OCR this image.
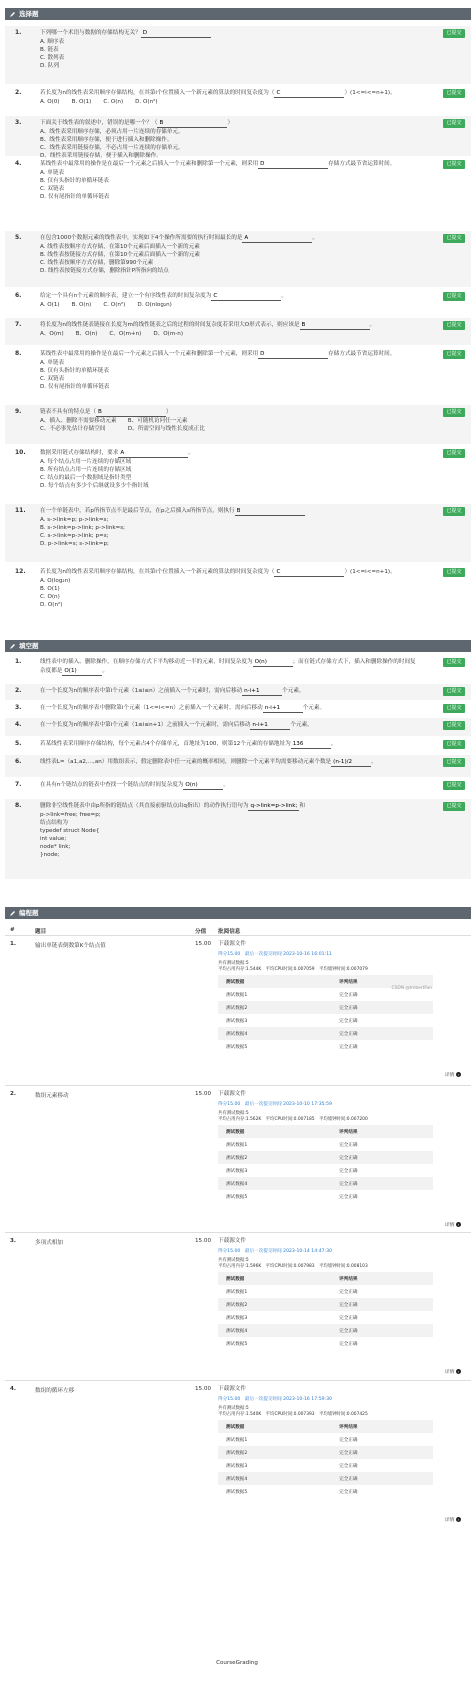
选择题
1.	下列哪一个术语与数据的存储结构无关？ D
A. 顺序表
B. 链表
C. 散列表
D. 队列
已提交
2.	若长度为n的线性表采用顺序存储结构，在其第i个位置插入一个新元素的算法的时间复杂度为（ C	）(1<=i<=n+1)。
A. O(0) B. O(1) C. O(n) D. O(n²)
已提交
3.	下面关于线性表的叙述中，错误的是哪一个？（ B	）
A、线性表采用顺序存储，必须占用一片连续的存储单元。
B、线性表采用顺序存储，便于进行插入和删除操作。
C、线性表采用链接存储，不必占用一片连续的存储单元。
D、线性表采用链接存储，便于插入和删除操作。
已提交
4.	某线性表中最常用的操作是在最后一个元素之后插入一个元素和删除第一个元素，则采用 D	存储方式最节省运算时间。
A. 单链表
B. 仅有头指针的单循环链表
C. 双链表
D. 仅有尾指针的单循环链表
已提交
5.	在包含1000个数据元素的线性表中，实现如下4个操作所需要的执行时间最长的是 A	。
A. 线性表按顺序方式存储，在第10个元素后面插入一个新的元素
B. 线性表按链接方式存储，在第10个元素后面插入一个新的元素
C. 线性表按顺序方式存储，删除第990个元素
D. 线性表按链接方式存储，删除指针P所指向的结点
已提交
6.	给定一个具有n个元素的顺序表，建立一个有序线性表的时间复杂度为 C	。
A. O(1) B. O(n) C. O(n²) D. O(nlog₂n)
已提交
7.	将长度为n的线性链表链接在长度为m的线性链表之后的过程的时间复杂度若采用大O形式表示，则应该是 B	。
A、O(m) B、O(n) C、O(m+n) D、O(m-n)
已提交
8.	某线性表中最常用的操作是在最后一个元素之后插入一个元素和删除第一个元素，则采用 D	存储方式最节省运算时间。
A. 单链表
B. 仅有头指针的单循环链表
C. 双链表
D. 仅有尾指针的单循环链表
已提交
9.	链表不具有的特点是（ B	）
A、插入、删除不需要移动元素　　B、可随机访问任一元素
C、不必事先估计存储空间　　　　D、所需空间与线性长度成正比
已提交
10.	数据采用链式存储结构时，要求 A	。
A. 每个结点占用一片连续的存储区域
B. 所有结点占用一片连续的存储区域
C. 结点的最后一个数据域是指针类型
D. 每个结点有多少个后继就设多少个指针域
已提交
11.	在一个单链表中，若p所指节点不是最后节点，在p之后插入s所指节点，则执行 B
A. s->link=p; p->link=s;
B. s->link=p->link; p->link=s;
C. s->link=p->link; p=s;
D. p->link=s; s->link=p;
已提交
12.	若长度为n的线性表采用顺序存储结构，在其第i个位置插入一个新元素的算法的时间复杂度为（ C	）(1<=i<=n+1)。
A. O(log₂n)
B. O(1)
C. O(n)
D. O(n²)
已提交
填空题
1.	线性表中的插入、删除操作，在顺序存储方式下平均移动近一半的元素，时间复杂度为 O(n)	；而在链式存储方式下，插入和删除操作的时间复杂度都是 O(1)	。
已提交
2.	在一个长度为n的顺序表中第i个元素（1≤i≤n）之前插入一个元素时，需向后移动 n-i+1	个元素。	已提交
3.	在一个长度为n的顺序表中删除第i个元素（1<=i<=n）之前插入一个元素时，需向后移动 n-i+1	个元素。	已提交
4.	在一个长度为n的顺序表中第i个元素（1≤i≤n+1）之前插入一个元素时，需向后移动 n-i+1	个元素。	已提交
5.	若某线性表采用顺序存储结构，每个元素占4个存储单元，首地址为100，则第12个元素的存储地址为 136	。	已提交
6.	线性表L=（a1,a2,...,an）用数组表示，假定删除表中任一元素的概率相同，则删除一个元素平均需要移动元素个数是 (n-1)/2	。	已提交
7.	在具有n个链结点的链表中查找一个链结点的时间复杂度为 O(n)	。	已提交
8.	删除非空线性链表中由p所指的链结点（其直接前驱结点由q指出）的动作执行语句为 q->link=p->link; 和
p->link=free; free=p;
结点结构为
typedef struct Node{
int value;
node* link;
}node;
已提交
编程题
#	题目	分值 批阅信息
1.	输出单链表倒数第K个结点值	15.00 下载源文件
得分15.00　最后一次提交时间 2023-10-16 16:01:11
共有测试数据:5
平均占用内存:1.544K　平均CPU时间:0.007059　平均墙钟时间:0.007079
测试数据	评判结果
测试数据1	完全正确
测试数据2	完全正确
测试数据3	完全正确
测试数据4	完全正确
测试数据5	完全正确
详情 ›
2.	数组元素移动	15.00 下载源文件
得分15.00　最后一次提交时间 2023-10-10 17:35:59
共有测试数据:5
平均占用内存:1.562K　平均CPU时间:0.007185　平均墙钟时间:0.007200
测试数据	评判结果
测试数据1	完全正确
测试数据2	完全正确
测试数据3	完全正确
测试数据4	完全正确
测试数据5	完全正确
详情 ›
3.	多项式相加	15.00 下载源文件
得分15.00　最后一次提交时间 2023-10-14 14:47:30
共有测试数据:5
平均占用内存:1.596K　平均CPU时间:0.007983　平均墙钟时间:0.008103
测试数据	评判结果
测试数据1	完全正确
测试数据2	完全正确
测试数据3	完全正确
测试数据4	完全正确
测试数据5	完全正确
详情 ›
4.	数组的循环左移	15.00 下载源文件
得分15.00　最后一次提交时间 2023-10-16 17:59:30
共有测试数据:5
平均占用内存:1.540K　平均CPU时间:0.007393　平均墙钟时间:0.007425
测试数据	评判结果
测试数据1	完全正确
测试数据2	完全正确
测试数据3	完全正确
测试数据4	完全正确
测试数据5	完全正确
详情 ›
CSDN @ImbertFan
CourseGrading
